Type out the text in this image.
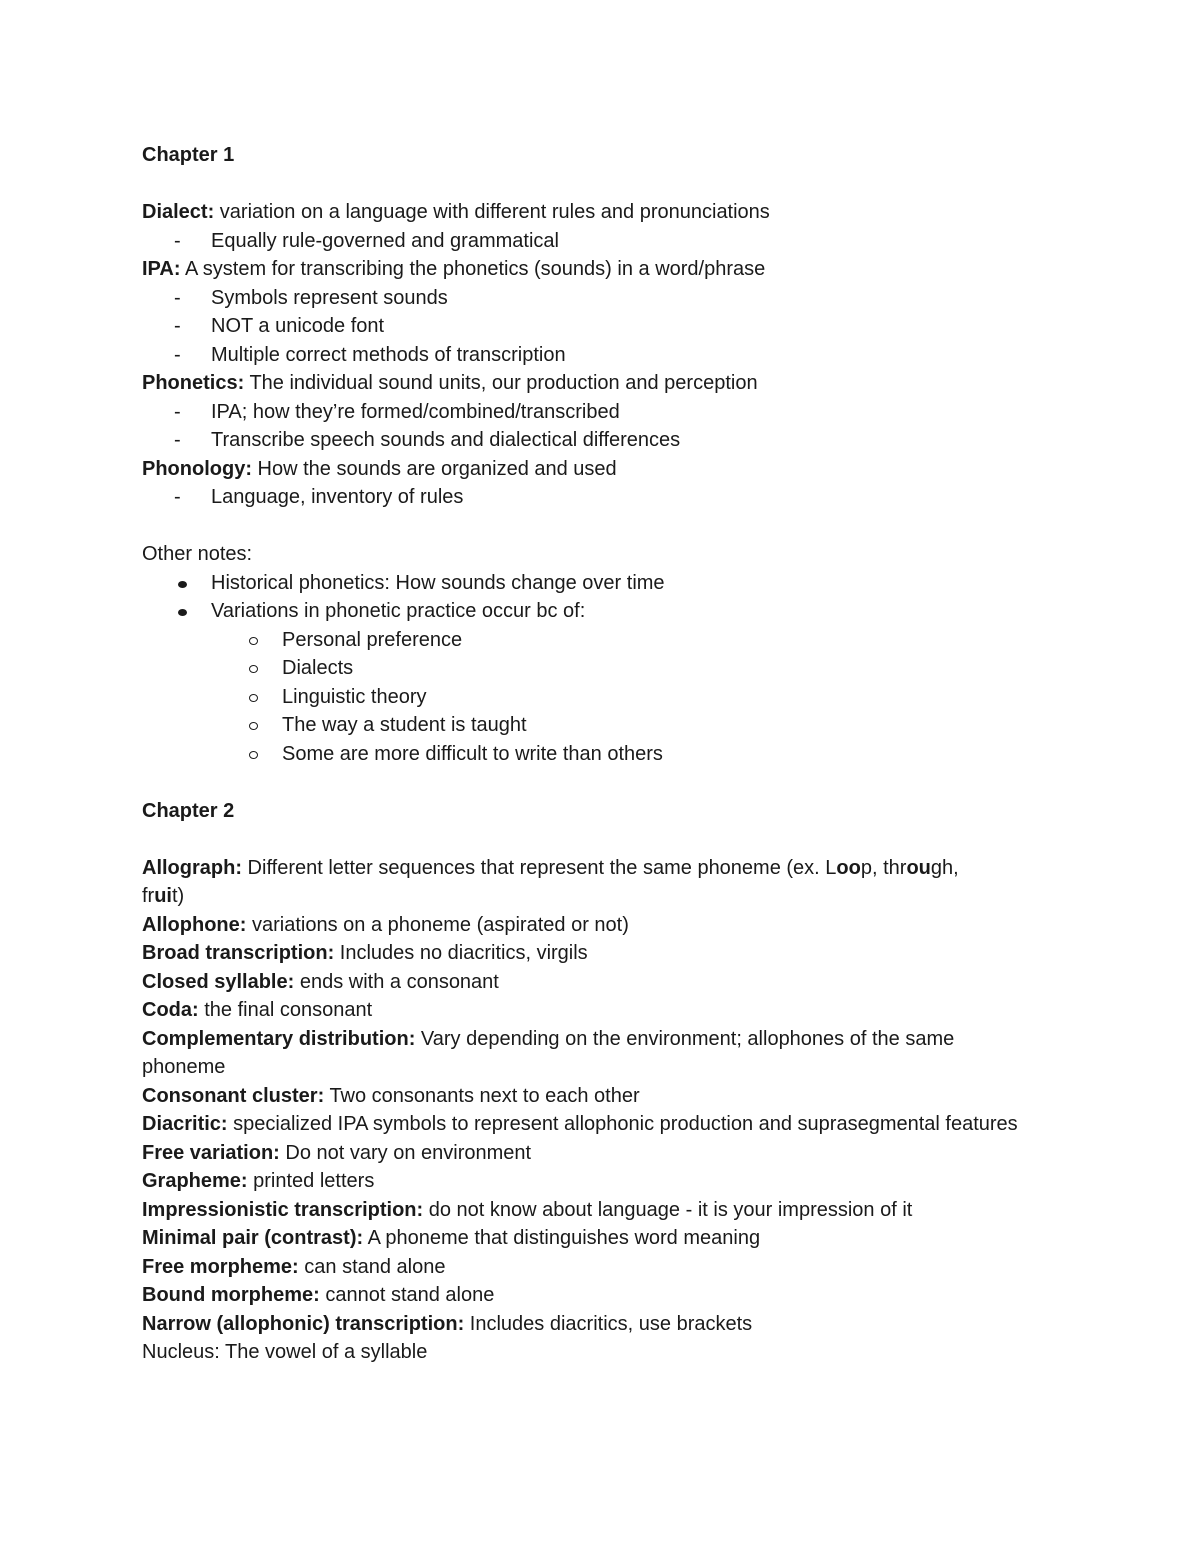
Chapter 1

Dialect: variation on a language with different rules and pronunciations

- Equally rule-governed and grammatical

IPA: A system for transcribing the phonetics (sounds) in a word/phrase

- Symbols represent sounds

- NOT a unicode font

- Multiple correct methods of transcription

Phonetics: The individual sound units, our production and perception

- IPA; how they’re formed/combined/transcribed

- Transcribe speech sounds and dialectical differences

Phonology: How the sounds are organized and used

- Language, inventory of rules

Other notes:

Historical phonetics: How sounds change over time

Variations in phonetic practice occur bc of:

Personal preference

Dialects

Linguistic theory

The way a student is taught

Some are more difficult to write than others

Chapter 2

Allograph: Different letter sequences that represent the same phoneme (ex. Loop, through,
fruit)

Allophone: variations on a phoneme (aspirated or not)

Broad transcription: Includes no diacritics, virgils

Closed syllable: ends with a consonant

Coda: the final consonant

Complementary distribution: Vary depending on the environment; allophones of the same phoneme

Consonant cluster: Two consonants next to each other

Diacritic: specialized IPA symbols to represent allophonic production and suprasegmental features

Free variation: Do not vary on environment

Grapheme: printed letters

Impressionistic transcription: do not know about language - it is your impression of it

Minimal pair (contrast): A phoneme that distinguishes word meaning

Free morpheme: can stand alone

Bound morpheme: cannot stand alone

Narrow (allophonic) transcription: Includes diacritics, use brackets

Nucleus: The vowel of a syllable
